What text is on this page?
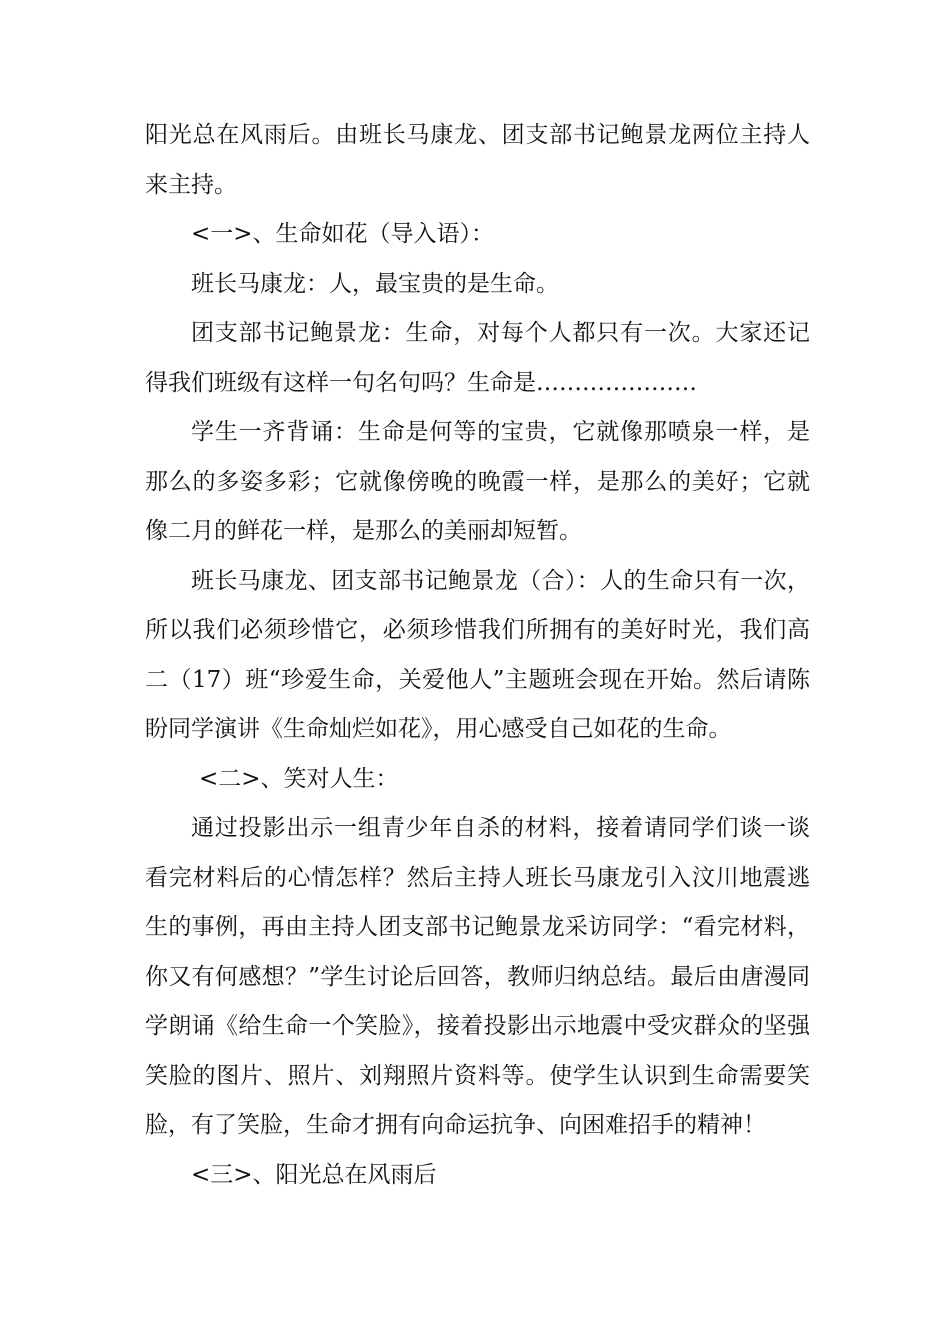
阳光总在风雨后。由班长马康龙、团支部书记鲍景龙两位主持人来主持。

<一>、生命如花（导入语）：

班长马康龙：人，最宝贵的是生命。

团支部书记鲍景龙：生命，对每个人都只有一次。大家还记得我们班级有这样一句名句吗？生命是…………………

学生一齐背诵：生命是何等的宝贵，它就像那喷泉一样，是那么的多姿多彩；它就像傍晚的晚霞一样，是那么的美好；它就像二月的鲜花一样，是那么的美丽却短暂。

班长马康龙、团支部书记鲍景龙（合）：人的生命只有一次，所以我们必须珍惜它，必须珍惜我们所拥有的美好时光，我们高二（17）班“珍爱生命，关爱他人”主题班会现在开始。然后请陈盼同学演讲《生命灿烂如花》，用心感受自己如花的生命。

<二>、笑对人生：

通过投影出示一组青少年自杀的材料，接着请同学们谈一谈看完材料后的心情怎样？然后主持人班长马康龙引入汶川地震逃生的事例，再由主持人团支部书记鲍景龙采访同学：“看完材料，你又有何感想？”学生讨论后回答，教师归纳总结。最后由唐漫同学朗诵《给生命一个笑脸》，接着投影出示地震中受灾群众的坚强笑脸的图片、照片、刘翔照片资料等。使学生认识到生命需要笑脸，有了笑脸，生命才拥有向命运抗争、向困难招手的精神！

<三>、阳光总在风雨后
